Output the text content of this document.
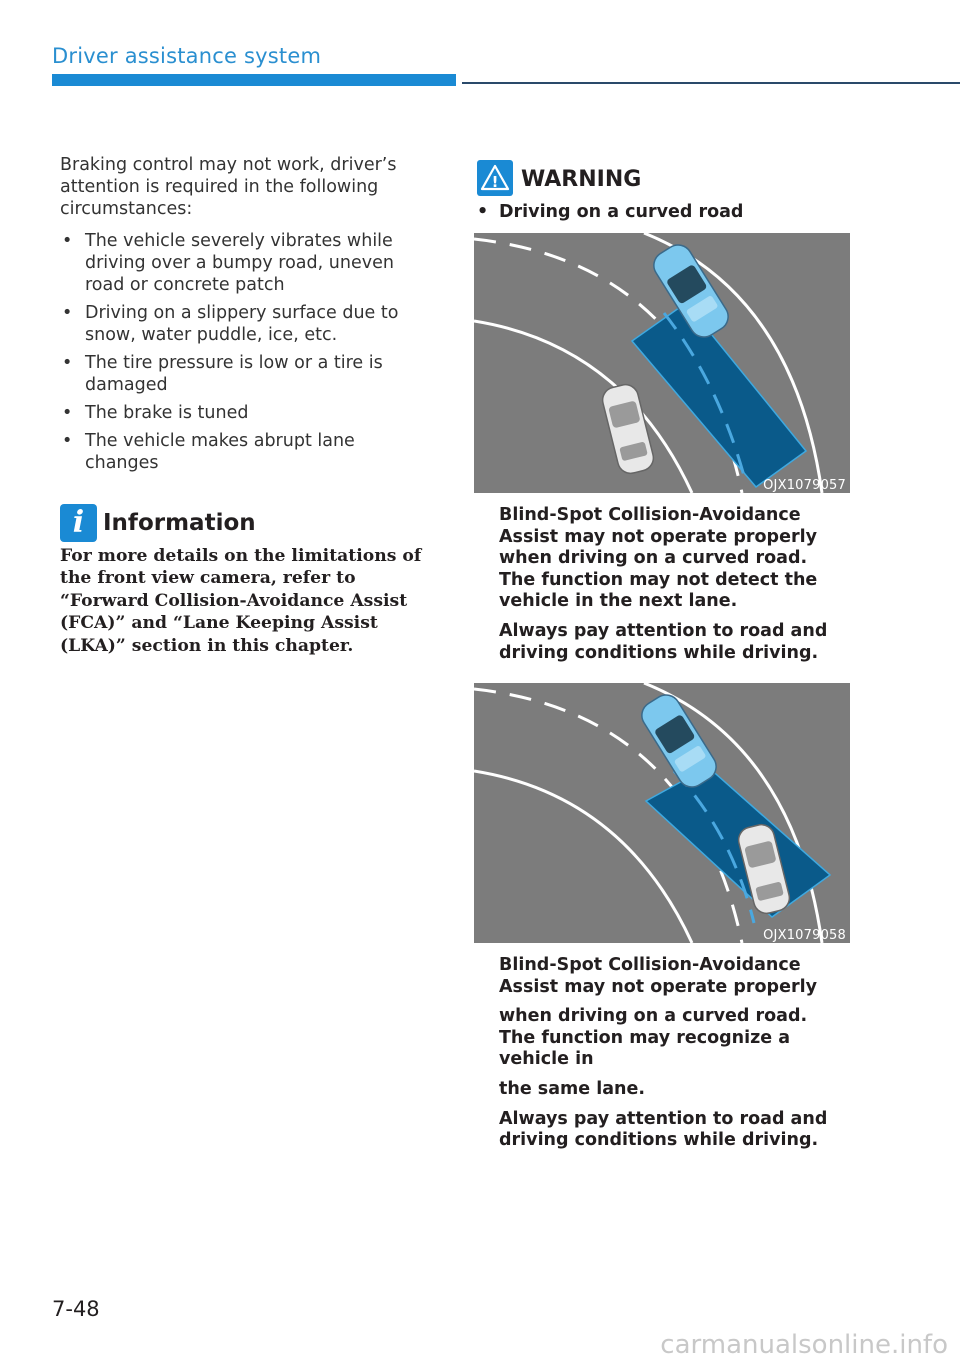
Driver assistance system

Braking control may not work, driver’s attention is required in the following circumstances:

• The vehicle severely vibrates while driving over a bumpy road, uneven road or concrete patch
• Driving on a slippery surface due to snow, water puddle, ice, etc.
• The tire pressure is low or a tire is damaged
• The brake is tuned
• The vehicle makes abrupt lane changes
i Information
For more details on the limitations of the front view camera, refer to “Forward Collision-Avoidance Assist (FCA)” and “Lane Keeping Assist (LKA)” section in this chapter.
! WARNING
• Driving on a curved road
OJX1079057

Blind-Spot Collision-Avoidance Assist may not operate properly when driving on a curved road. The function may not detect the vehicle in the next lane.

Always pay attention to road and driving conditions while driving.

OJX1079058

Blind-Spot Collision-Avoidance Assist may not operate properly

when driving on a curved road. The function may recognize a vehicle in

the same lane.

Always pay attention to road and driving conditions while driving.

7-48
carmanualsonline.info
